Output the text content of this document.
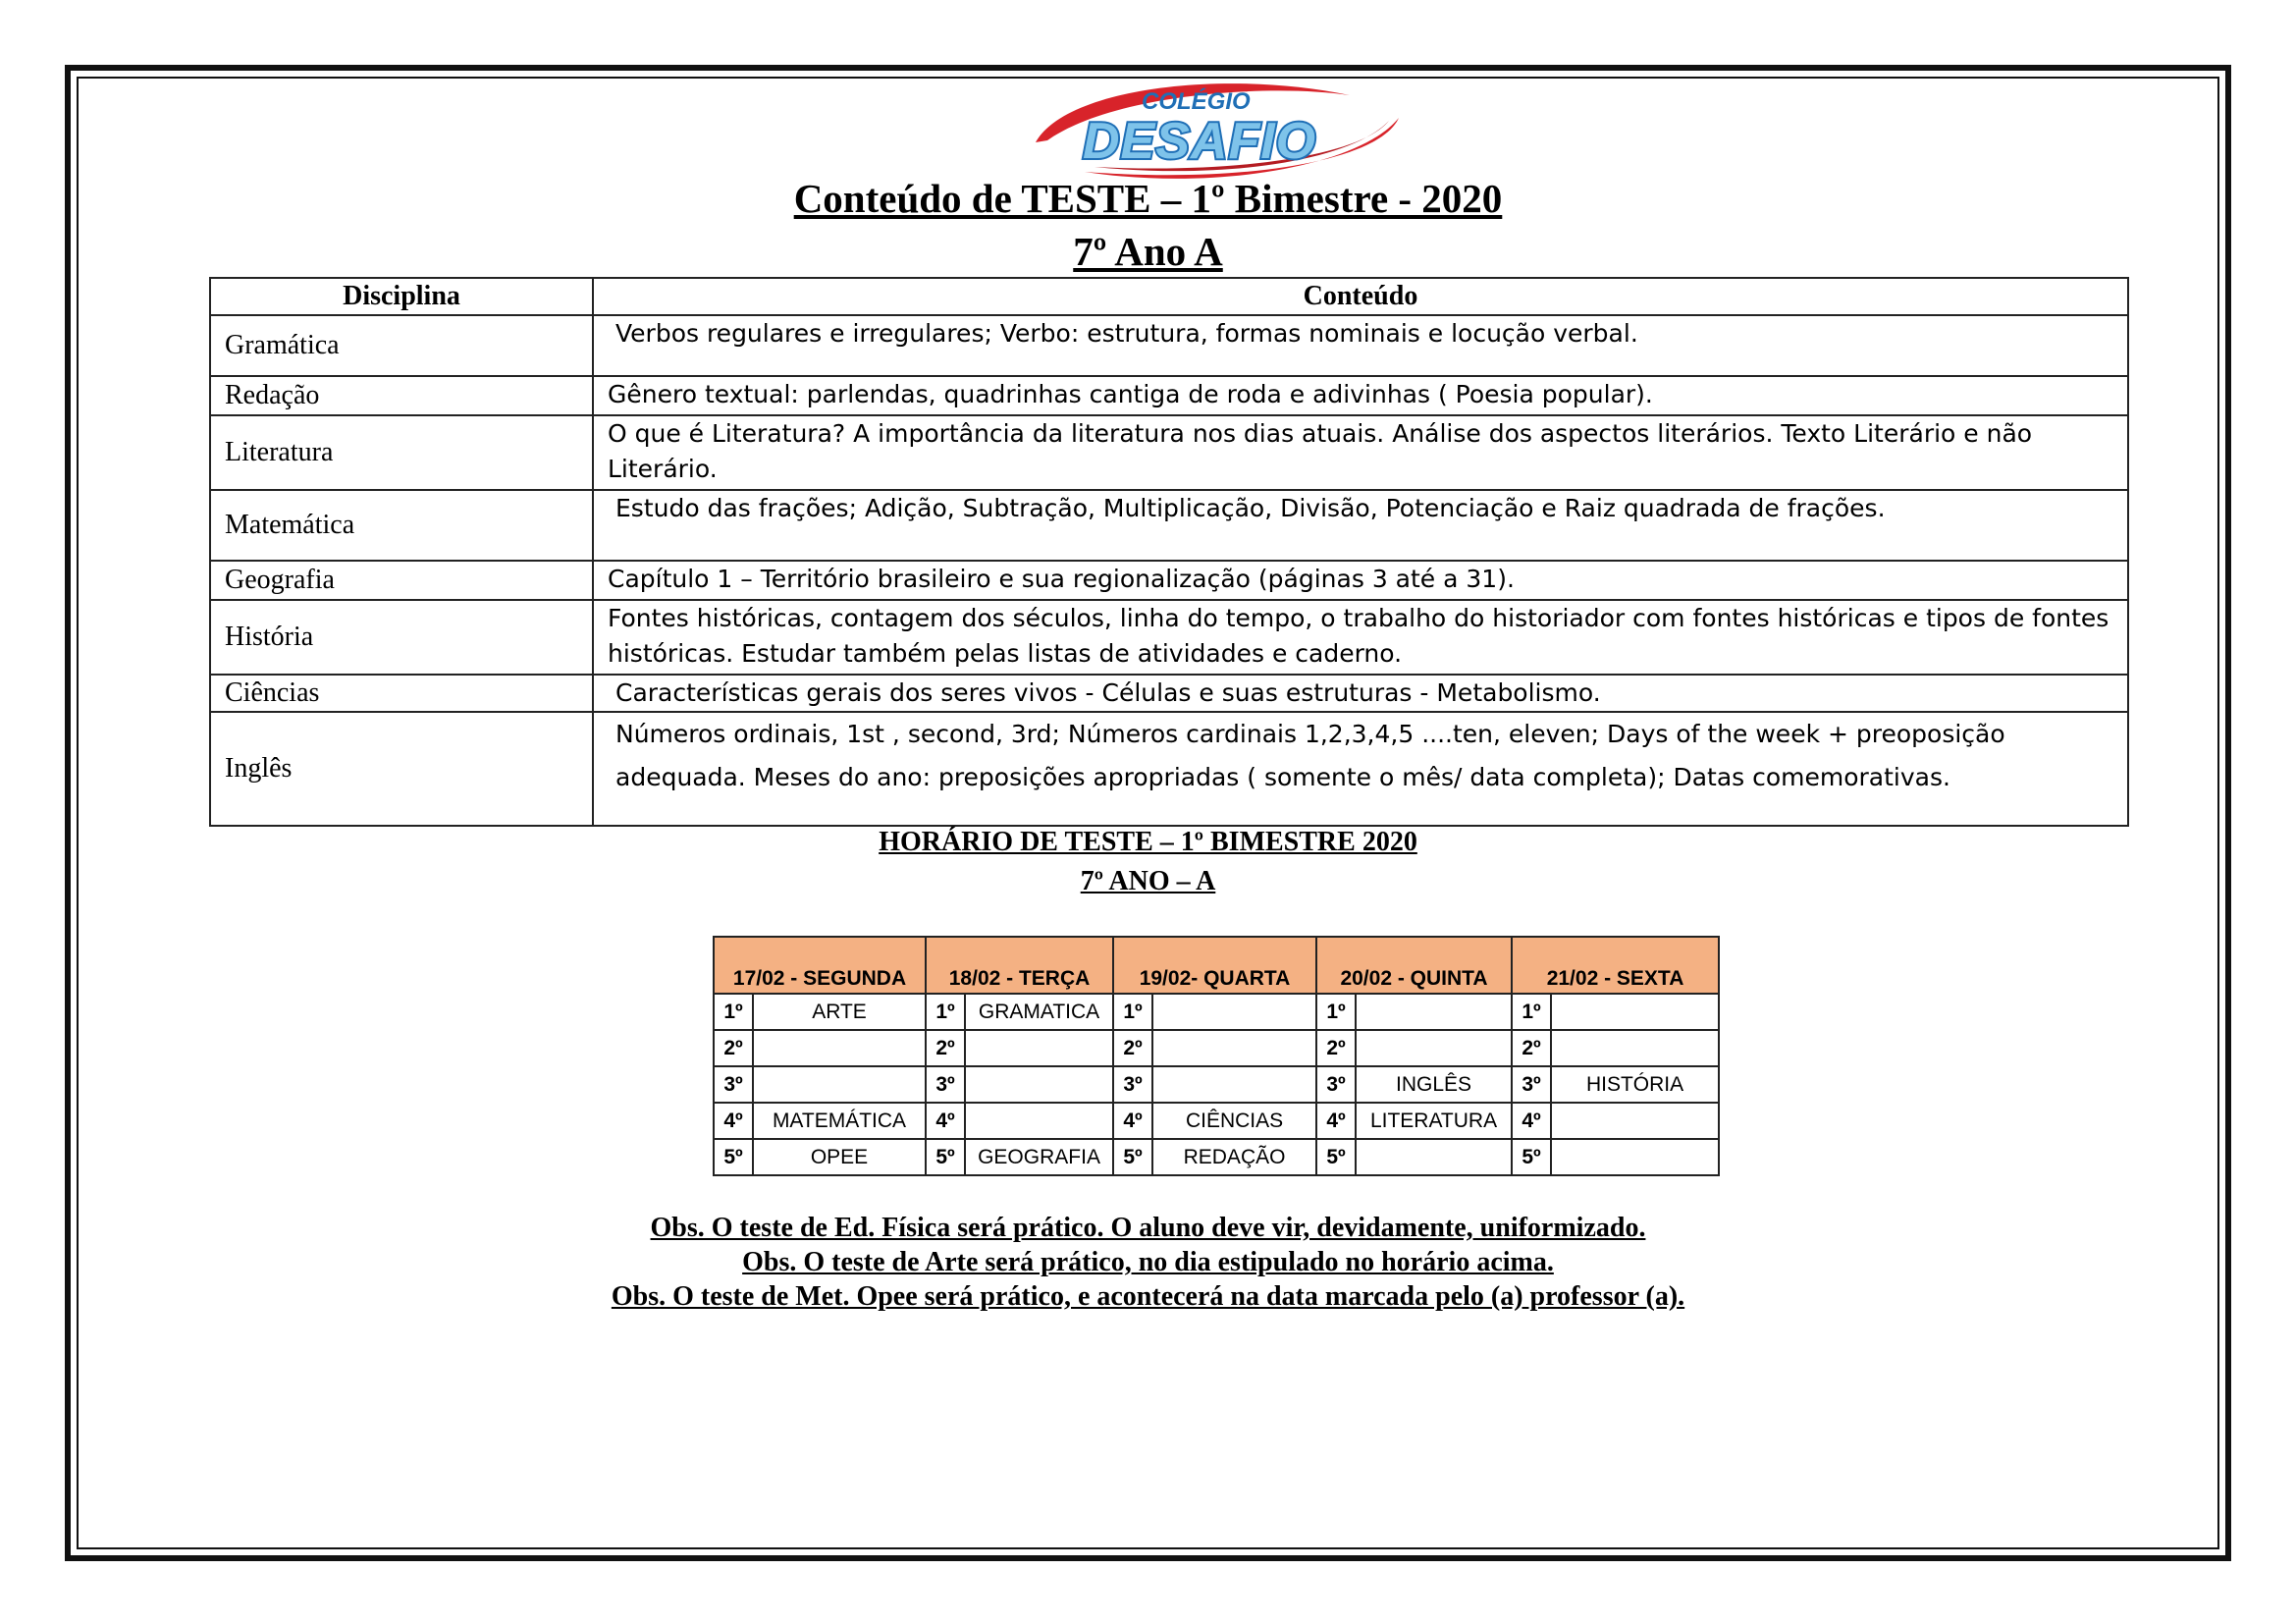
COLÉGIO
DESAFIO
Conteúdo de TESTE – 1º Bimestre - 2020
7º Ano A
Disciplina	Conteúdo
Gramática	Verbos regulares e irregulares; Verbo: estrutura, formas nominais e locução verbal.
Redação	Gênero textual: parlendas, quadrinhas cantiga de roda e adivinhas ( Poesia popular).
Literatura	O que é Literatura? A importância da literatura nos dias atuais. Análise dos aspectos literários. Texto Literário e não Literário.
Matemática	Estudo das frações; Adição, Subtração, Multiplicação, Divisão, Potenciação e Raiz quadrada de frações.
Geografia	Capítulo 1 – Território brasileiro e sua regionalização (páginas 3 até a 31).
História	Fontes históricas, contagem dos séculos, linha do tempo, o trabalho do historiador com fontes históricas e tipos de fontes históricas. Estudar também pelas listas de atividades e caderno.
Ciências	Características gerais dos seres vivos - Células e suas estruturas - Metabolismo.
Inglês	Números ordinais, 1st , second, 3rd; Números cardinais 1,2,3,4,5 ....ten, eleven; Days of the week + preoposição adequada. Meses do ano: preposições apropriadas ( somente o mês/ data completa); Datas comemorativas.
HORÁRIO DE TESTE – 1º BIMESTRE 2020
7º ANO – A
17/02 - SEGUNDA		18/02 - TERÇA		19/02- QUARTA		20/02 - QUINTA		21/02 - SEXTA	
1º	ARTE	1º	GRAMATICA	1º		1º		1º	
2º		2º		2º		2º		2º	
3º		3º		3º		3º	INGLÊS	3º	HISTÓRIA
4º	MATEMÁTICA	4º		4º	CIÊNCIAS	4º	LITERATURA	4º	
5º	OPEE	5º	GEOGRAFIA	5º	REDAÇÃO	5º		5º	
Obs. O teste de Ed. Física será prático. O aluno deve vir, devidamente, uniformizado.
Obs. O teste de Arte será prático, no dia estipulado no horário acima.
Obs. O teste de Met. Opee será prático, e acontecerá na data marcada pelo (a) professor (a).
